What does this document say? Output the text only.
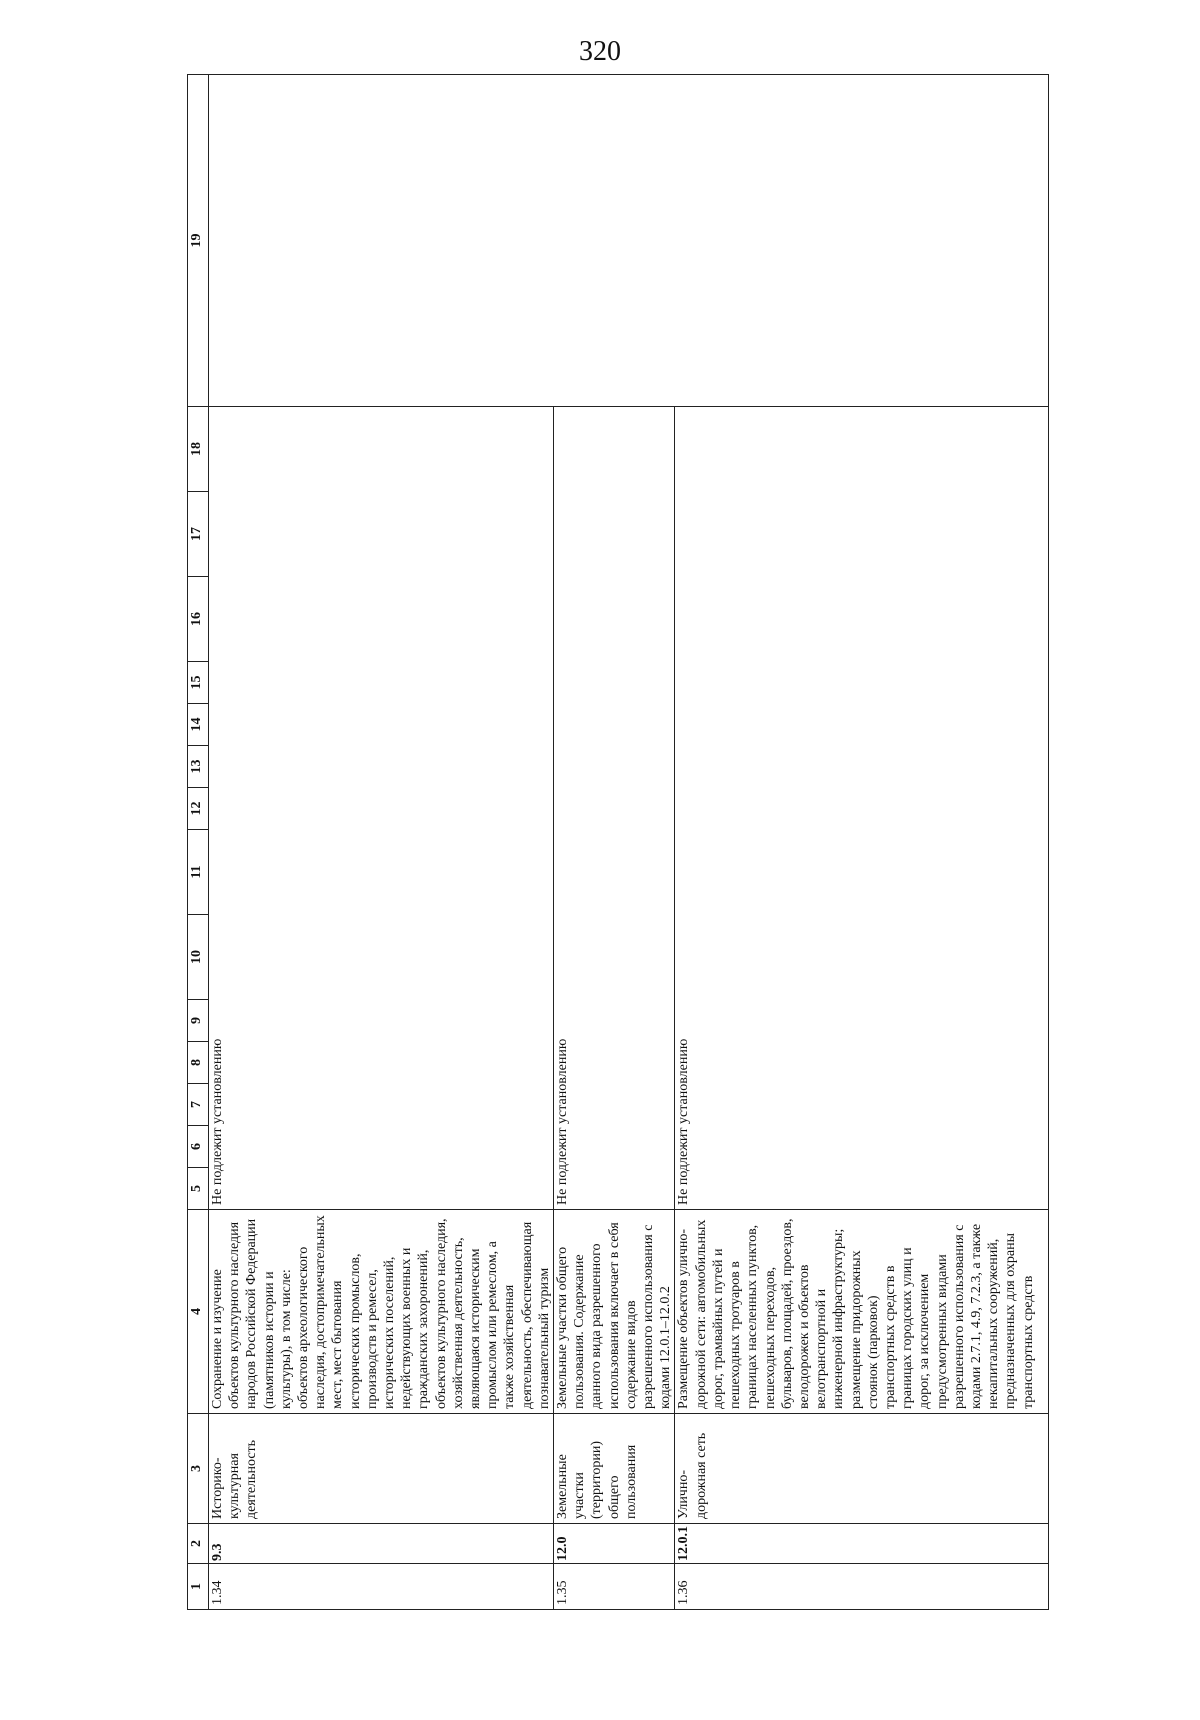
320
1	2	3	4	5	6	7	8	9	10	11	12	13	14	15	16	17	18	19
1.34	9.3	Историко-культурная деятельность	Сохранение и изучение объектов культурного наследия народов Российской Федерации (памятников истории и культуры), в том числе: объектов археологического наследия, достопримечательных мест, мест бытования исторических промыслов, производств и ремесел, исторических поселений, недействующих военных и гражданских захоронений, объектов культурного наследия, хозяйственная деятельность, являющаяся историческим промыслом или ремеслом, а также хозяйственная деятельность, обеспечивающая познавательный туризм	Не подлежит установлению														
1.35	12.0	Земельные участки (территории) общего пользования	Земельные участки общего пользования. Содержание данного вида разрешенного использования включает в себя содержание видов разрешенного использования с кодами 12.0.1–12.0.2	Не подлежит установлению														
1.36	12.0.1	Улично-дорожная сеть	Размещение объектов улично-дорожной сети: автомобильных дорог, трамвайных путей и пешеходных тротуаров в границах населенных пунктов, пешеходных переходов, бульваров, площадей, проездов, велодорожек и объектов велотранспортной и инженерной инфраструктуры; размещение придорожных стоянок (парковок) транспортных средств в границах городских улиц и дорог, за исключением предусмотренных видами разрешенного использования с кодами 2.7.1, 4.9, 7.2.3, а также некапитальных сооружений, предназначенных для охраны транспортных средств	Не подлежит установлению														
